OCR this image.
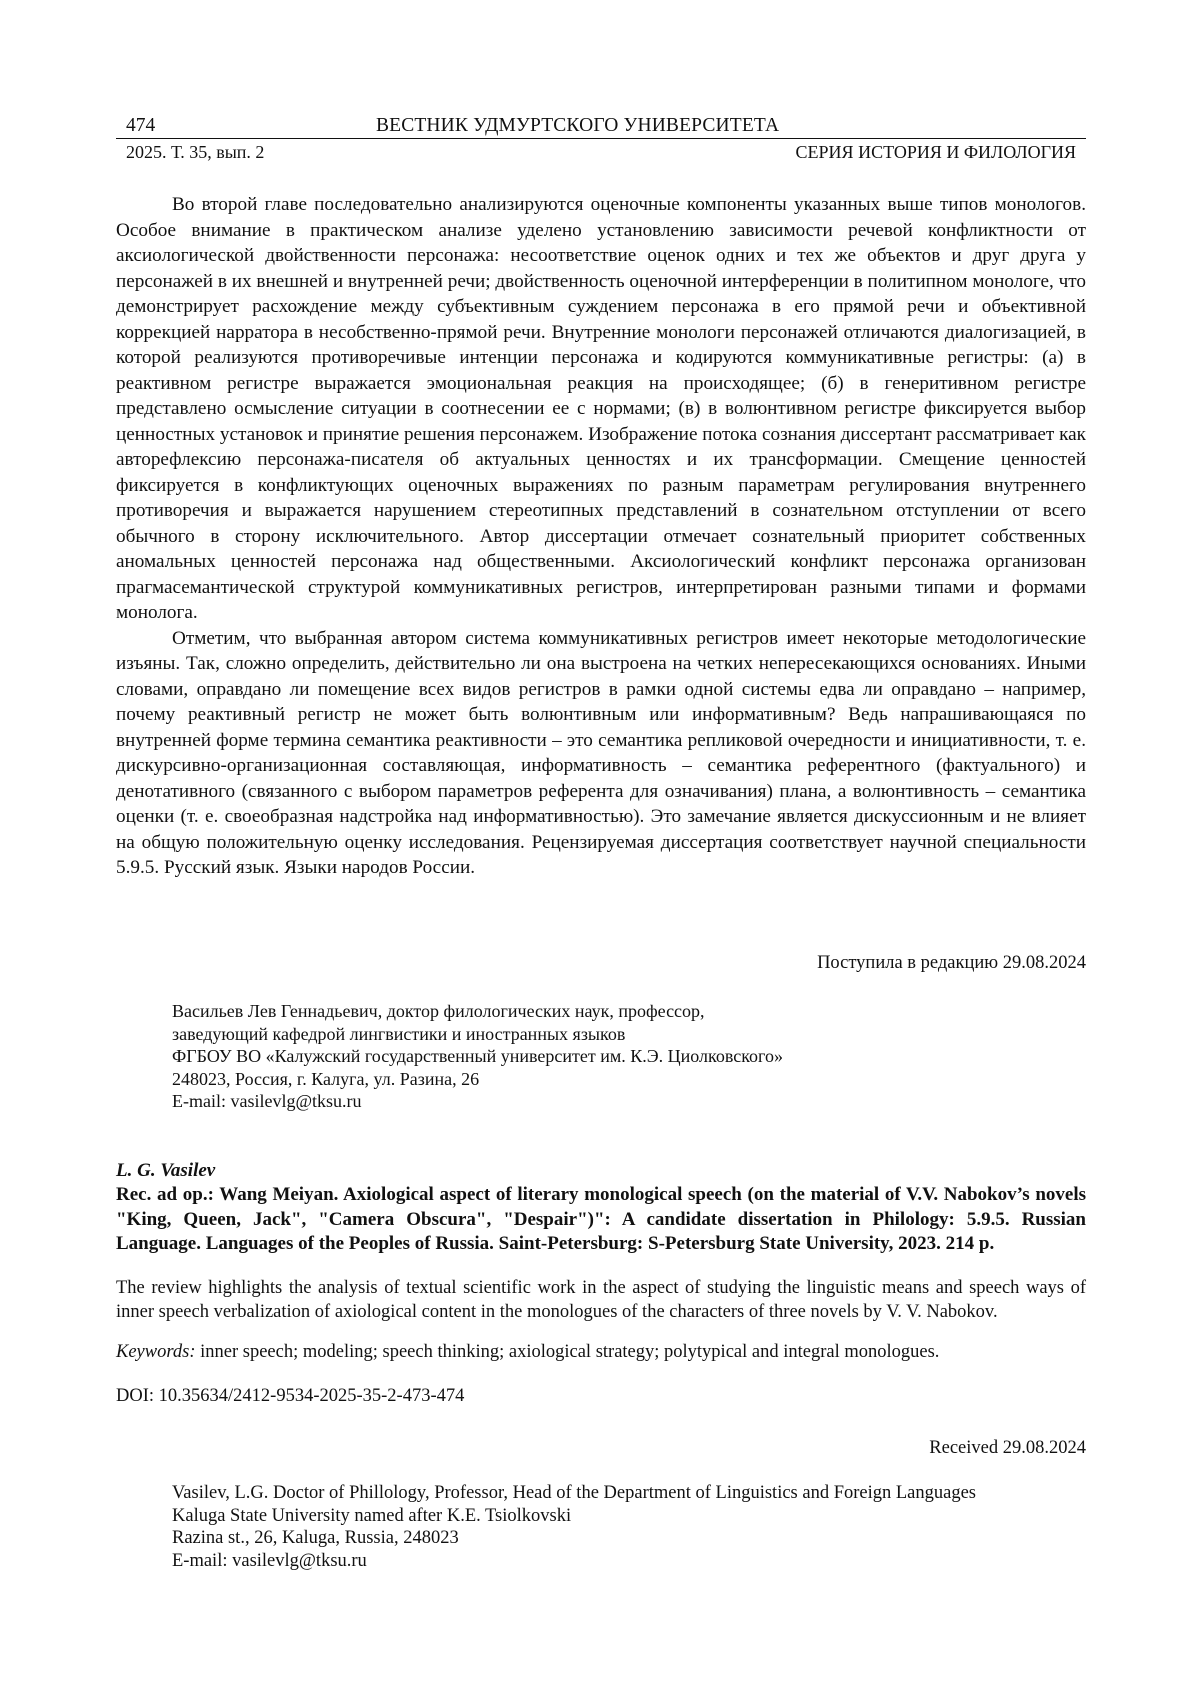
474	ВЕСТНИК УДМУРТСКОГО УНИВЕРСИТЕТА
2025. Т. 35, вып. 2	СЕРИЯ ИСТОРИЯ И ФИЛОЛОГИЯ

Во второй главе последовательно анализируются оценочные компоненты указанных выше типов монологов. Особое внимание в практическом анализе уделено установлению зависимости речевой конфликтности от аксиологической двойственности персонажа: несоответствие оценок одних и тех же объектов и друг друга у персонажей в их внешней и внутренней речи; двойственность оценочной интерференции в политипном монологе, что демонстрирует расхождение между субъективным суждением персонажа в его прямой речи и объективной коррекцией нарратора в несобственно-прямой речи. Внутренние монологи персонажей отличаются диалогизацией, в которой реализуются противоречивые интенции персонажа и кодируются коммуникативные регистры: (а) в реактивном регистре выражается эмоциональная реакция на происходящее; (б) в генеритивном регистре представлено осмысление ситуации в соотнесении ее с нормами; (в) в волюнтивном регистре фиксируется выбор ценностных установок и принятие решения персонажем. Изображение потока сознания диссертант рассматривает как авторефлексию персонажа-писателя об актуальных ценностях и их трансформации. Смещение ценностей фиксируется в конфликтующих оценочных выражениях по разным параметрам регулирования внутреннего противоречия и выражается нарушением стереотипных представлений в сознательном отступлении от всего обычного в сторону исключительного. Автор диссертации отмечает сознательный приоритет собственных аномальных ценностей персонажа над общественными. Аксиологический конфликт персонажа организован прагмасемантической структурой коммуникативных регистров, интерпретирован разными типами и формами монолога.

Отметим, что выбранная автором система коммуникативных регистров имеет некоторые методологические изъяны. Так, сложно определить, действительно ли она выстроена на четких непересекающихся основаниях. Иными словами, оправдано ли помещение всех видов регистров в рамки одной системы едва ли оправдано – например, почему реактивный регистр не может быть волюнтивным или информативным? Ведь напрашивающаяся по внутренней форме термина семантика реактивности – это семантика репликовой очередности и инициативности, т. е. дискурсивно-организационная составляющая, информативность – семантика референтного (фактуального) и денотативного (связанного с выбором параметров референта для означивания) плана, а волюнтивность – семантика оценки (т. е. своеобразная надстройка над информативностью). Это замечание является дискуссионным и не влияет на общую положительную оценку исследования. Рецензируемая диссертация соответствует научной специальности 5.9.5. Русский язык. Языки народов России.

Поступила в редакцию 29.08.2024
Васильев Лев Геннадьевич, доктор филологических наук, профессор,
заведующий кафедрой лингвистики и иностранных языков
ФГБОУ ВО «Калужский государственный университет им. К.Э. Циолковского»
248023, Россия, г. Калуга, ул. Разина, 26
E-mail: vasilevlg@tksu.ru
L. G. Vasilev
Rec. ad op.: Wang Meiyan. Axiological aspect of literary monological speech (on the material of V.V. Nabokov’s novels "King, Queen, Jack", "Camera Obscura", "Despair")": A candidate dissertation in Philology: 5.9.5. Russian Language. Languages of the Peoples of Russia. Saint-Petersburg: S-Petersburg State University, 2023. 214 p.
The review highlights the analysis of textual scientific work in the aspect of studying the linguistic means and speech ways of inner speech verbalization of axiological content in the monologues of the characters of three novels by V. V. Nabokov.
Keywords: inner speech; modeling; speech thinking; axiological strategy; polytypical and integral monologues.
DOI: 10.35634/2412-9534-2025-35-2-473-474
Received 29.08.2024
Vasilev, L.G. Doctor of Phillology, Professor, Head of the Department of Linguistics and Foreign Languages
Kaluga State University named after K.E. Tsiolkovski
Razina st., 26, Kaluga, Russia, 248023
E-mail: vasilevlg@tksu.ru
